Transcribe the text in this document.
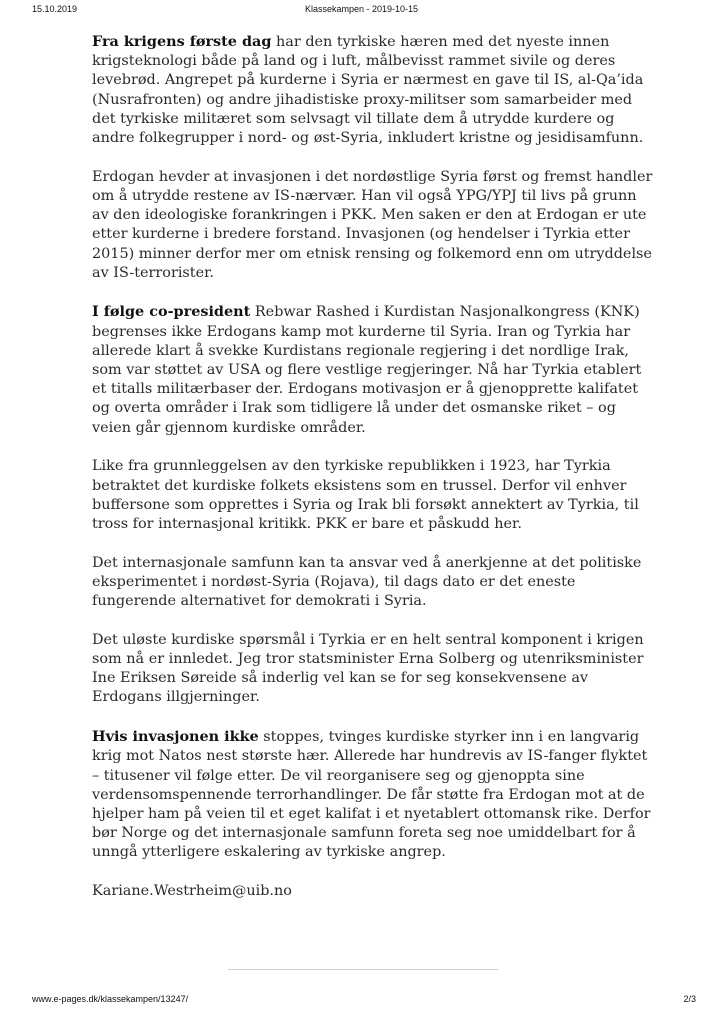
Klassekampen - 2019-10-15
15.10.2019

Fra krigens første dag har den tyrkiske hæren med det nyeste innen krigsteknologi både på land og i luft, målbevisst rammet sivile og deres levebrød. Angrepet på kurderne i Syria er nærmest en gave til IS, al-Qa’ida (Nusrafronten) og andre jihadistiske proxy-militser som samarbeider med det tyrkiske militæret som selvsagt vil tillate dem å utrydde kurdere og andre folkegrupper i nord- og øst-Syria, inkludert kristne og jesidisamfunn.

Erdogan hevder at invasjonen i det nordøstlige Syria først og fremst handler om å utrydde restene av IS-nærvær. Han vil også YPG/YPJ til livs på grunn av den ideologiske forankringen i PKK. Men saken er den at Erdogan er ute etter kurderne i bredere forstand. Invasjonen (og hendelser i Tyrkia etter 2015) minner derfor mer om etnisk rensing og folkemord enn om utryddelse av IS-terrorister.

I følge co-president Rebwar Rashed i Kurdistan Nasjonalkongress (KNK) begrenses ikke Erdogans kamp mot kurderne til Syria. Iran og Tyrkia har allerede klart å svekke Kurdistans regionale regjering i det nordlige Irak, som var støttet av USA og flere vestlige regjeringer. Nå har Tyrkia etablert et titalls militærbaser der. Erdogans motivasjon er å gjenopprette kalifatet og overta områder i Irak som tidligere lå under det osmanske riket – og veien går gjennom kurdiske områder.

Like fra grunnleggelsen av den tyrkiske republikken i 1923, har Tyrkia betraktet det kurdiske folkets eksistens som en trussel. Derfor vil enhver buffersone som opprettes i Syria og Irak bli forsøkt annektert av Tyrkia, til tross for internasjonal kritikk. PKK er bare et påskudd her.

Det internasjonale samfunn kan ta ansvar ved å anerkjenne at det politiske eksperimentet i nordøst-Syria (Rojava), til dags dato er det eneste fungerende alternativet for demokrati i Syria.

Det uløste kurdiske spørsmål i Tyrkia er en helt sentral komponent i krigen som nå er innledet. Jeg tror statsminister Erna Solberg og utenriksminister Ine Eriksen Søreide så inderlig vel kan se for seg konsekvensene av Erdogans illgjerninger.

Hvis invasjonen ikke stoppes, tvinges kurdiske styrker inn i en langvarig krig mot Natos nest største hær. Allerede har hundrevis av IS-fanger flyktet – titusener vil følge etter. De vil reorganisere seg og gjenoppta sine verdensomspennende terrorhandlinger. De får støtte fra Erdogan mot at de hjelper ham på veien til et eget kalifat i et nyetablert ottomansk rike. Derfor bør Norge og det internasjonale samfunn foreta seg noe umiddelbart for å unngå ytterligere eskalering av tyrkiske angrep.

Kariane.Westrheim@uib.no

www.e-pages.dk/klassekampen/13247/	2/3
